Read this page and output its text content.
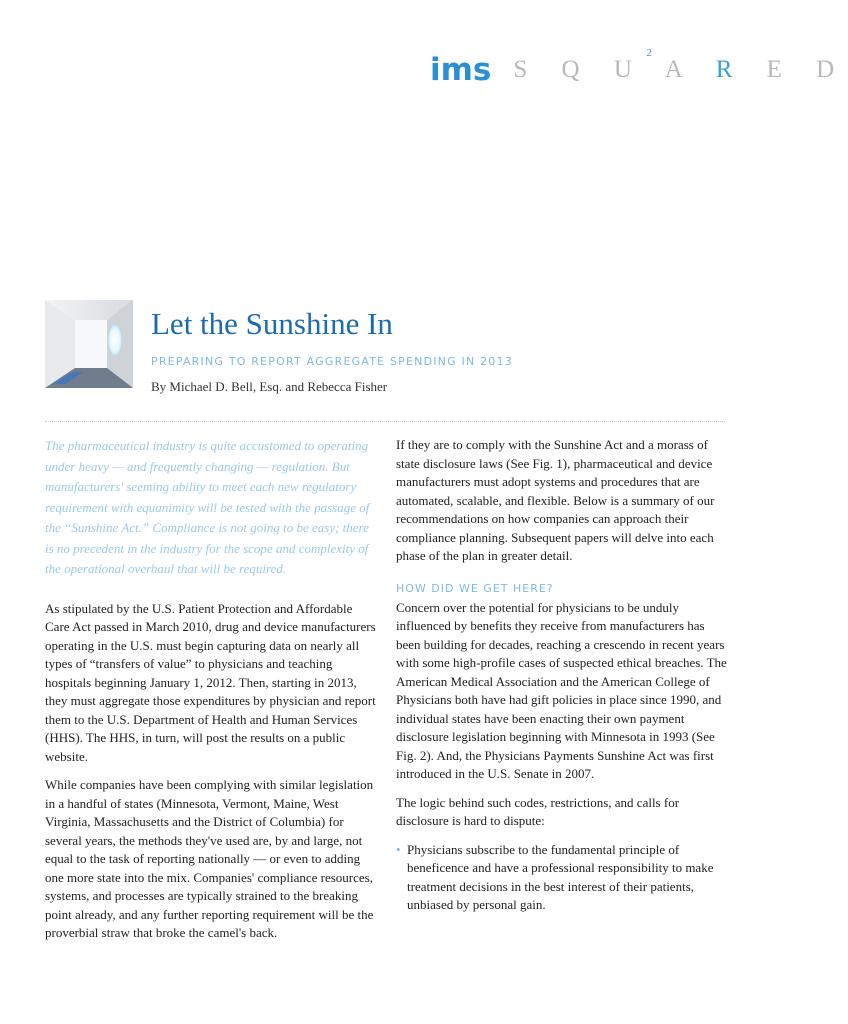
ims S Q U A R E D
2
Let the Sunshine In
PREPARING TO REPORT AGGREGATE SPENDING IN 2013
By Michael D. Bell, Esq. and Rebecca Fisher

The pharmaceutical industry is quite accustomed to operating under heavy — and frequently changing — regulation. But manufacturers' seeming ability to meet each new regulatory requirement with equanimity will be tested with the passage of the “Sunshine Act.” Compliance is not going to be easy; there is no precedent in the industry for the scope and complexity of the operational overhaul that will be required.

As stipulated by the U.S. Patient Protection and Affordable Care Act passed in March 2010, drug and device manufacturers operating in the U.S. must begin capturing data on nearly all types of “transfers of value” to physicians and teaching hospitals beginning January 1, 2012. Then, starting in 2013, they must aggregate those expenditures by physician and report them to the U.S. Department of Health and Human Services (HHS). The HHS, in turn, will post the results on a public website.

While companies have been complying with similar legislation in a handful of states (Minnesota, Vermont, Maine, West Virginia, Massachusetts and the District of Columbia) for several years, the methods they've used are, by and large, not equal to the task of reporting nationally — or even to adding one more state into the mix. Companies' compliance resources, systems, and processes are typically strained to the breaking point already, and any further reporting requirement will be the proverbial straw that broke the camel's back.

If they are to comply with the Sunshine Act and a morass of state disclosure laws (See Fig. 1), pharmaceutical and device manufacturers must adopt systems and procedures that are automated, scalable, and flexible. Below is a summary of our recommendations on how companies can approach their compliance planning. Subsequent papers will delve into each phase of the plan in greater detail.

HOW DID WE GET HERE?

Concern over the potential for physicians to be unduly influenced by benefits they receive from manufacturers has been building for decades, reaching a crescendo in recent years with some high-profile cases of suspected ethical breaches. The American Medical Association and the American College of Physicians both have had gift policies in place since 1990, and individual states have been enacting their own payment disclosure legislation beginning with Minnesota in 1993 (See Fig. 2). And, the Physicians Payments Sunshine Act was first introduced in the U.S. Senate in 2007.

The logic behind such codes, restrictions, and calls for disclosure is hard to dispute:

• Physicians subscribe to the fundamental principle of beneficence and have a professional responsibility to make treatment decisions in the best interest of their patients, unbiased by personal gain.
